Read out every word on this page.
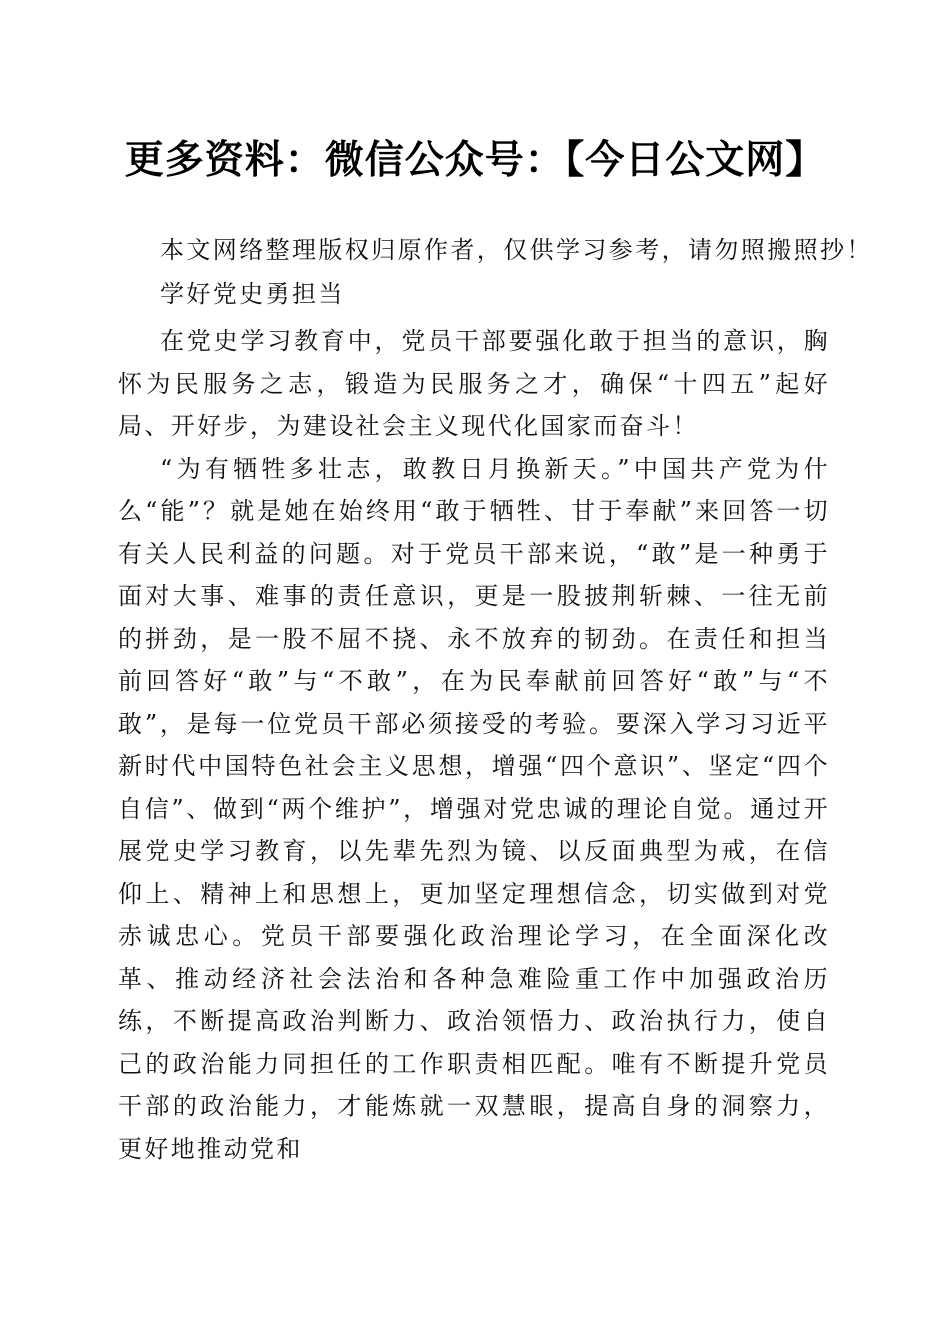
更多资料：微信公众号：【今日公文网】

本文网络整理版权归原作者，仅供学习参考，请勿照搬照抄！

学好党史勇担当

在党史学习教育中，党员干部要强化敢于担当的意识，胸怀为民服务之志，锻造为民服务之才，确保“十四五”起好局、开好步，为建设社会主义现代化国家而奋斗！

“为有牺牲多壮志，敢教日月换新天。”中国共产党为什么“能”？就是她在始终用“敢于牺牲、甘于奉献”来回答一切有关人民利益的问题。对于党员干部来说，“敢”是一种勇于面对大事、难事的责任意识，更是一股披荆斩棘、一往无前的拼劲，是一股不屈不挠、永不放弃的韧劲。在责任和担当前回答好“敢”与“不敢”，在为民奉献前回答好“敢”与“不敢”，是每一位党员干部必须接受的考验。要深入学习习近平新时代中国特色社会主义思想，增强“四个意识”、坚定“四个自信”、做到“两个维护”，增强对党忠诚的理论自觉。通过开展党史学习教育，以先辈先烈为镜、以反面典型为戒，在信仰上、精神上和思想上，更加坚定理想信念，切实做到对党赤诚忠心。党员干部要强化政治理论学习，在全面深化改革、推动经济社会法治和各种急难险重工作中加强政治历练，不断提高政治判断力、政治领悟力、政治执行力，使自己的政治能力同担任的工作职责相匹配。唯有不断提升党员干部的政治能力，才能炼就一双慧眼，提高自身的洞察力，更好地推动党和
